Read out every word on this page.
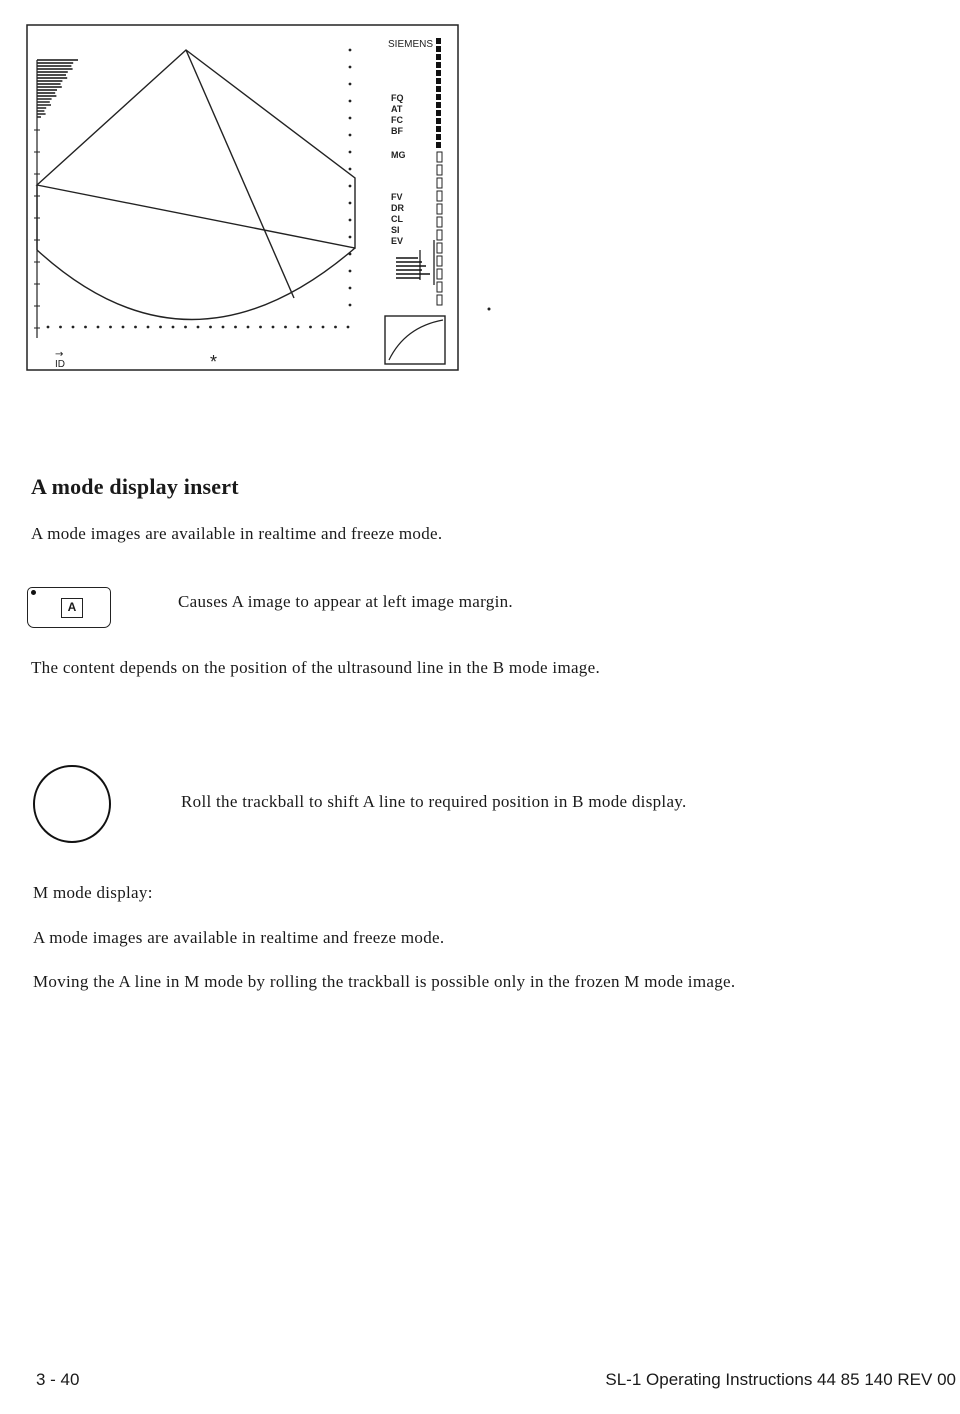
SIEMENS
FQ
AT
FC
BF
MG
FV
DR
CL
SI
EV
→
ID	*
A mode display insert

A mode images are available in realtime and freeze mode.

A	Causes A image to appear at left image margin.

The content depends on the position of the ultrasound line in the B mode image.

Roll the trackball to shift A line to required position in B mode display.

M mode display:

A mode images are available in realtime and freeze mode.

Moving the A line in M mode by rolling the trackball is possible only in the frozen M mode image.

3 - 40	SL-1 Operating Instructions 44 85 140 REV 00
